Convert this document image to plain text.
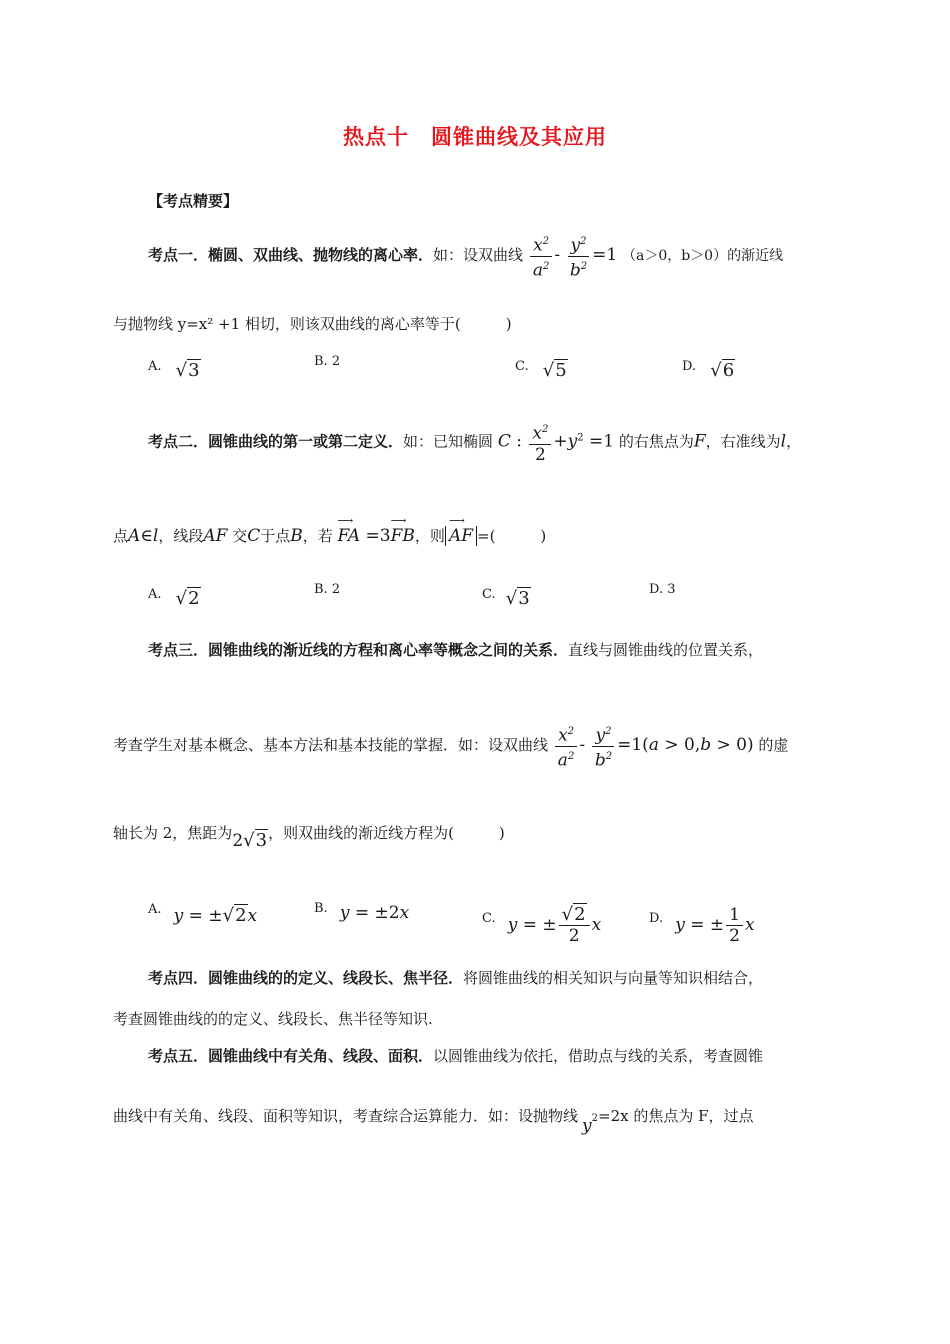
热点十　圆锥曲线及其应用
【考点精要】
考点一．椭圆、双曲线、抛物线的离心率．如：设双曲线 $\frac{x^2}{a^2} - \frac{y^2}{b^2} =1$ （a＞0，b＞0）的渐近线
与抛物线 y=x² +1 相切，则该双曲线的离心率等于(　　　)
A. √3	B. 2	C. √5	D. √6
考点二．圆锥曲线的第一或第二定义．如：已知椭圆 C : $\frac{x^2}{2} +y^2 =1$ 的右焦点为F，右准线为l，
点A∈l，线段AF 交C于点B，若 ⟶ FA =3⟶ FB，则 ⟶ AF =(　　　)
A. √2	B. 2	C. √3	D. 3
考点三．圆锥曲线的渐近线的方程和离心率等概念之间的关系．直线与圆锥曲线的位置关系，
考查学生对基本概念、基本方法和基本技能的掌握．如：设双曲线 $\frac{x^2}{a^2} - \frac{y^2}{b^2} =1(a > 0,b > 0)$ 的虚
轴长为 2，焦距为2√3，则双曲线的渐近线方程为(　　　)
A. y = ±√2x	B. y = ±2x	C. y = ± $\frac{√2}{2}$ x	D. y = ± $\frac{1}{2}$ x
考点四．圆锥曲线的的定义、线段长、焦半径．将圆锥曲线的相关知识与向量等知识相结合，
考查圆锥曲线的的定义、线段长、焦半径等知识.
考点五．圆锥曲线中有关角、线段、面积．以圆锥曲线为依托，借助点与线的关系，考查圆锥
曲线中有关角、线段、面积等知识，考查综合运算能力．如：设抛物线 $y^2=2x$ 的焦点为 F，过点
